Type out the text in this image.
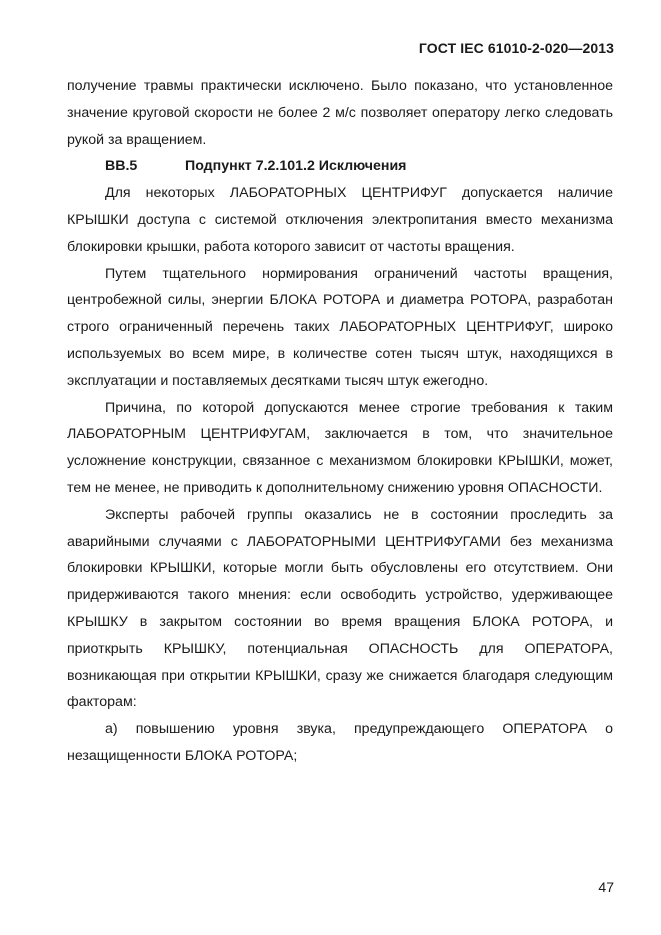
ГОСТ IEC 61010-2-020—2013

получение травмы практически исключено. Было показано, что установленное значение круговой скорости не более 2 м/с позволяет оператору легко следовать рукой за вращением.

BB.5	Подпункт 7.2.101.2 Исключения

Для некоторых ЛАБОРАТОРНЫХ ЦЕНТРИФУГ допускается наличие КРЫШКИ доступа с системой отключения электропитания вместо механизма блокировки крышки, работа которого зависит от частоты вращения.

Путем тщательного нормирования ограничений частоты вращения, центробежной силы, энергии БЛОКА РОТОРА и диаметра РОТОРА, разработан строго ограниченный перечень таких ЛАБОРАТОРНЫХ ЦЕНТРИФУГ, широко используемых во всем мире, в количестве сотен тысяч штук, находящихся в эксплуатации и поставляемых десятками тысяч штук ежегодно.

Причина, по которой допускаются менее строгие требования к таким ЛАБОРАТОРНЫМ ЦЕНТРИФУГАМ, заключается в том, что значительное усложнение конструкции, связанное с механизмом блокировки КРЫШКИ, может, тем не менее, не приводить к дополнительному снижению уровня ОПАСНОСТИ.

Эксперты рабочей группы оказались не в состоянии проследить за аварийными случаями с ЛАБОРАТОРНЫМИ ЦЕНТРИФУГАМИ без механизма блокировки КРЫШКИ, которые могли быть обусловлены его отсутствием. Они придерживаются такого мнения: если освободить устройство, удерживающее КРЫШКУ в закрытом состоянии во время вращения БЛОКА РОТОРА, и приоткрыть КРЫШКУ, потенциальная ОПАСНОСТЬ для ОПЕРАТОРА, возникающая при открытии КРЫШКИ, сразу же снижается благодаря следующим факторам:

а) повышению уровня звука, предупреждающего ОПЕРАТОРА о незащищенности БЛОКА РОТОРА;

47
